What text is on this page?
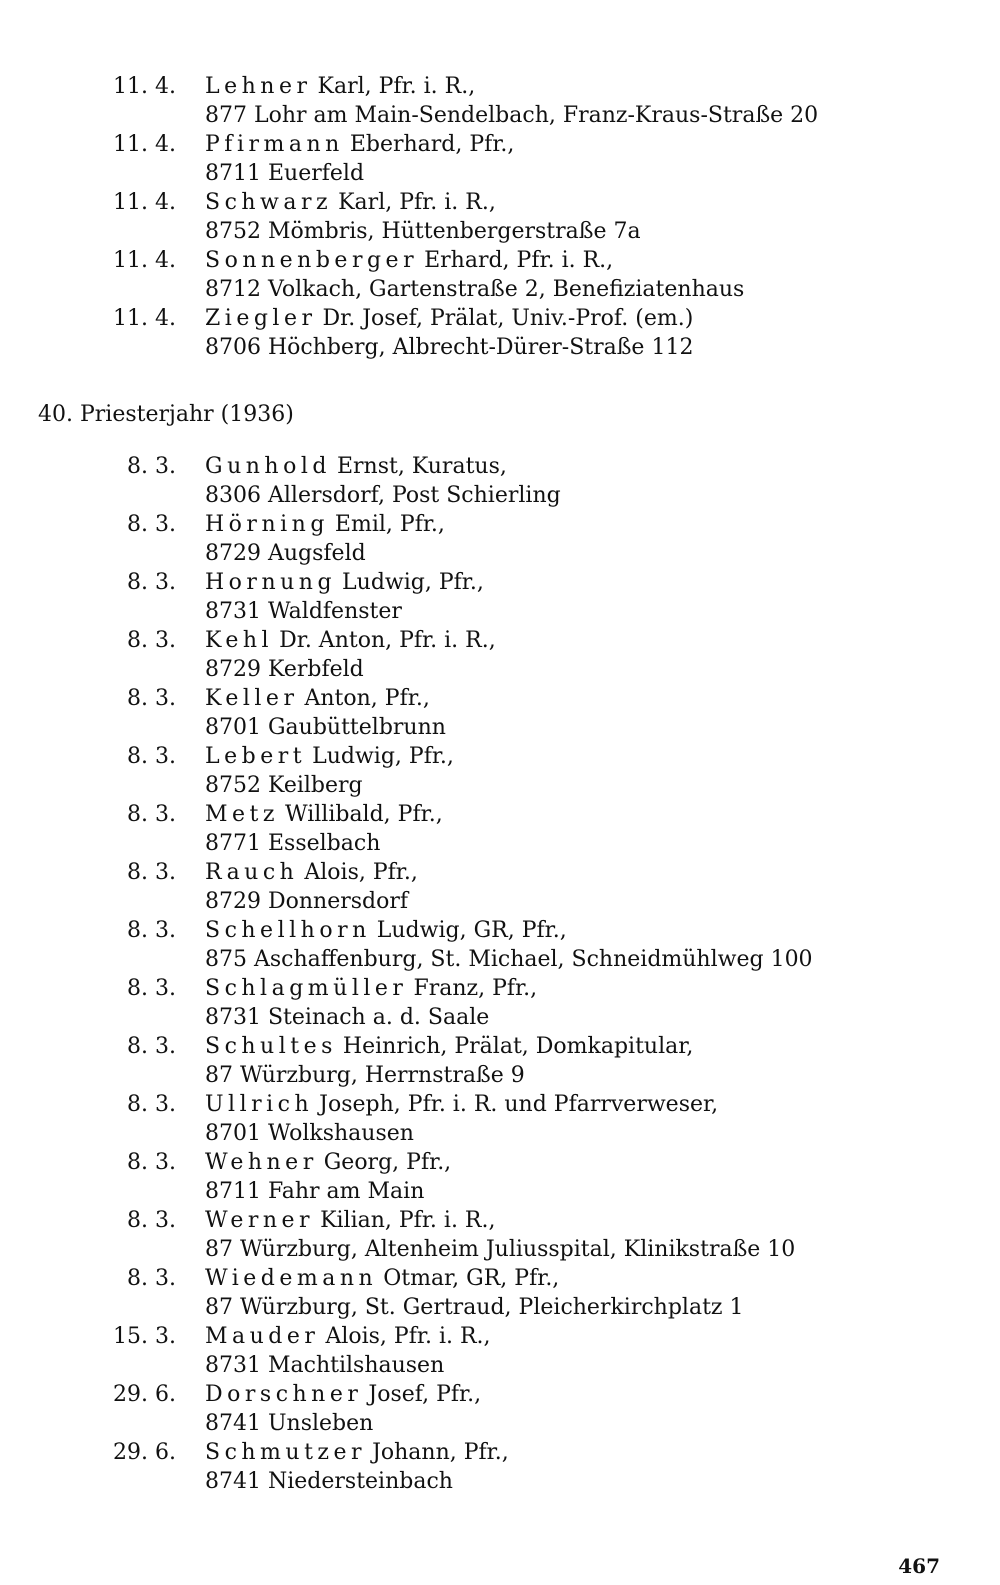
11. 4. Lehner Karl, Pfr. i. R.,
877 Lohr am Main-Sendelbach, Franz-Kraus-Straße 20
11. 4. Pfirmann Eberhard, Pfr.,
8711 Euerfeld
11. 4. Schwarz Karl, Pfr. i. R.,
8752 Mömbris, Hüttenbergerstraße 7a
11. 4. Sonnenberger Erhard, Pfr. i. R.,
8712 Volkach, Gartenstraße 2, Benefiziatenhaus
11. 4. Ziegler Dr. Josef, Prälat, Univ.-Prof. (em.)
8706 Höchberg, Albrecht-Dürer-Straße 112
40. Priesterjahr (1936)
8. 3. Gunhold Ernst, Kuratus,
8306 Allersdorf, Post Schierling
8. 3. Hörning Emil, Pfr.,
8729 Augsfeld
8. 3. Hornung Ludwig, Pfr.,
8731 Waldfenster
8. 3. Kehl Dr. Anton, Pfr. i. R.,
8729 Kerbfeld
8. 3. Keller Anton, Pfr.,
8701 Gaubüttelbrunn
8. 3. Lebert Ludwig, Pfr.,
8752 Keilberg
8. 3. Metz Willibald, Pfr.,
8771 Esselbach
8. 3. Rauch Alois, Pfr.,
8729 Donnersdorf
8. 3. Schellhorn Ludwig, GR, Pfr.,
875 Aschaffenburg, St. Michael, Schneidmühlweg 100
8. 3. Schlagmüller Franz, Pfr.,
8731 Steinach a. d. Saale
8. 3. Schultes Heinrich, Prälat, Domkapitular,
87 Würzburg, Herrnstraße 9
8. 3. Ullrich Joseph, Pfr. i. R. und Pfarrverweser,
8701 Wolkshausen
8. 3. Wehner Georg, Pfr.,
8711 Fahr am Main
8. 3. Werner Kilian, Pfr. i. R.,
87 Würzburg, Altenheim Juliusspital, Klinikstraße 10
8. 3. Wiedemann Otmar, GR, Pfr.,
87 Würzburg, St. Gertraud, Pleicherkirchplatz 1
15. 3. Mauder Alois, Pfr. i. R.,
8731 Machtilshausen
29. 6. Dorschner Josef, Pfr.,
8741 Unsleben
29. 6. Schmutzer Johann, Pfr.,
8741 Niedersteinbach
467
